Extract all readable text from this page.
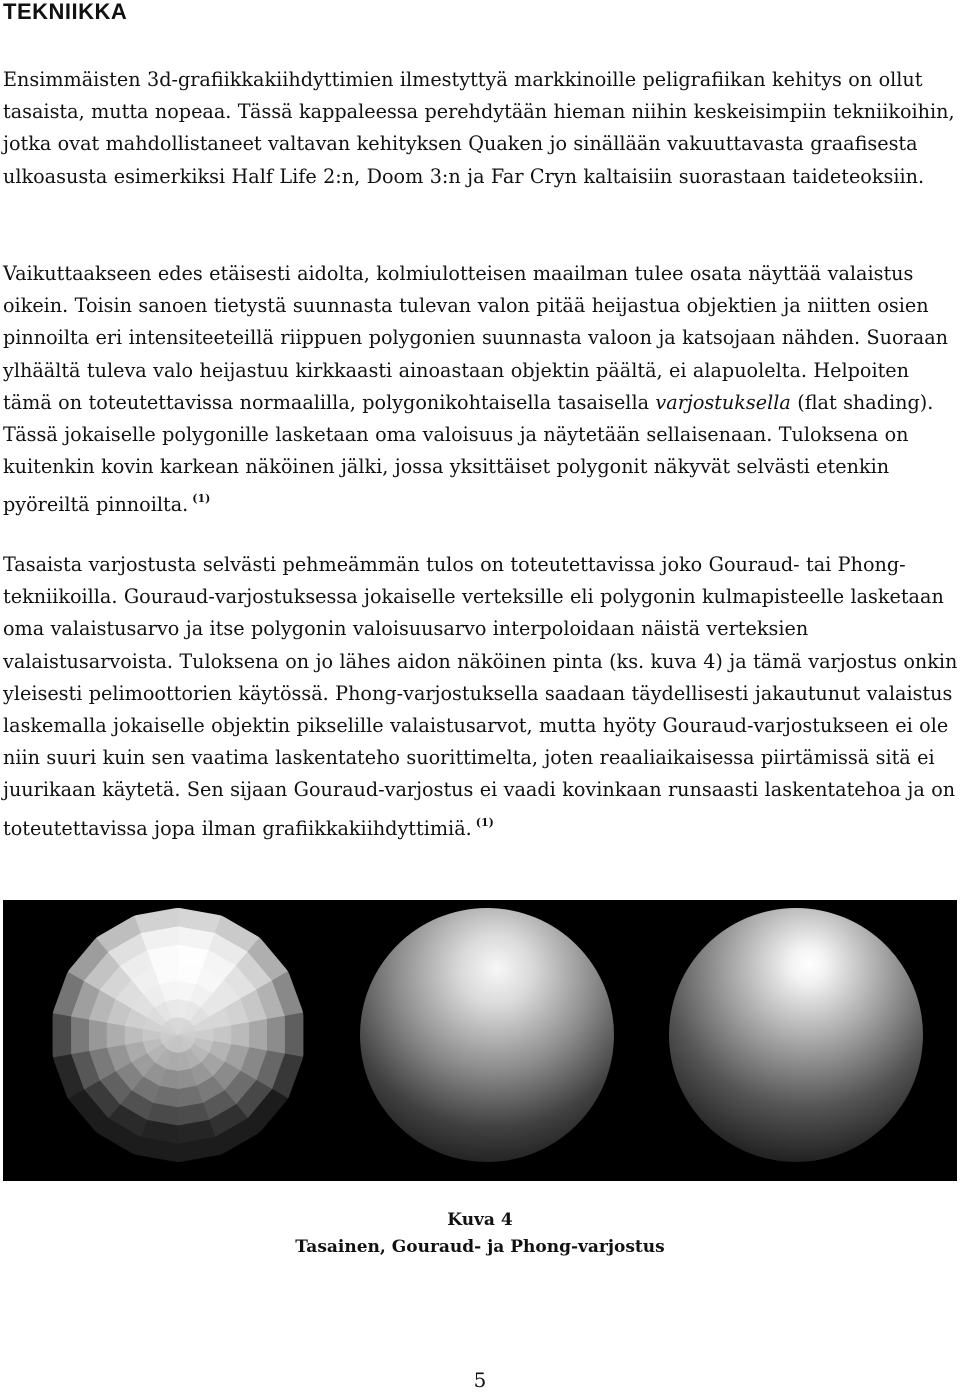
TEKNIIKKA

Ensimmäisten 3d-grafiikkakiihdyttimien ilmestyttyä markkinoille peligrafiikan kehitys on ollut tasaista, mutta nopeaa. Tässä kappaleessa perehdytään hieman niihin keskeisimpiin tekniikoihin, jotka ovat mahdollistaneet valtavan kehityksen Quaken jo sinällään vakuuttavasta graafisesta ulkoasusta esimerkiksi Half Life 2:n, Doom 3:n ja Far Cryn kaltaisiin suorastaan taideteoksiin.

Vaikuttaakseen edes etäisesti aidolta, kolmiulotteisen maailman tulee osata näyttää valaistus oikein. Toisin sanoen tietystä suunnasta tulevan valon pitää heijastua objektien ja niitten osien pinnoilta eri intensiteeteillä riippuen polygonien suunnasta valoon ja katsojaan nähden. Suoraan ylhäältä tuleva valo heijastuu kirkkaasti ainoastaan objektin päältä, ei alapuolelta. Helpoiten tämä on toteutettavissa normaalilla, polygonikohtaisella tasaisella varjostuksella (flat shading). Tässä jokaiselle polygonille lasketaan oma valoisuus ja näytetään sellaisenaan. Tuloksena on kuitenkin kovin karkean näköinen jälki, jossa yksittäiset polygonit näkyvät selvästi etenkin pyöreiltä pinnoilta. $^{(1)}$

Tasaista varjostusta selvästi pehmeämmän tulos on toteutettavissa joko Gouraud- tai Phong-tekniikoilla. Gouraud-varjostuksessa jokaiselle verteksille eli polygonin kulmapisteelle lasketaan oma valaistusarvo ja itse polygonin valoisuusarvo interpoloidaan näistä verteksien valaistusarvoista. Tuloksena on jo lähes aidon näköinen pinta (ks. kuva 4) ja tämä varjostus onkin yleisesti pelimoottorien käytössä. Phong-varjostuksella saadaan täydellisesti jakautunut valaistus laskemalla jokaiselle objektin pikselille valaistusarvot, mutta hyöty Gouraud-varjostukseen ei ole niin suuri kuin sen vaatima laskentateho suorittimelta, joten reaaliaikaisessa piirtämissä sitä ei juurikaan käytetä. Sen sijaan Gouraud-varjostus ei vaadi kovinkaan runsaasti laskentatehoa ja on toteutettavissa jopa ilman grafiikkakiihdyttimiä. $^{(1)}$

Kuva 4

Tasainen, Gouraud- ja Phong-varjostus

5
